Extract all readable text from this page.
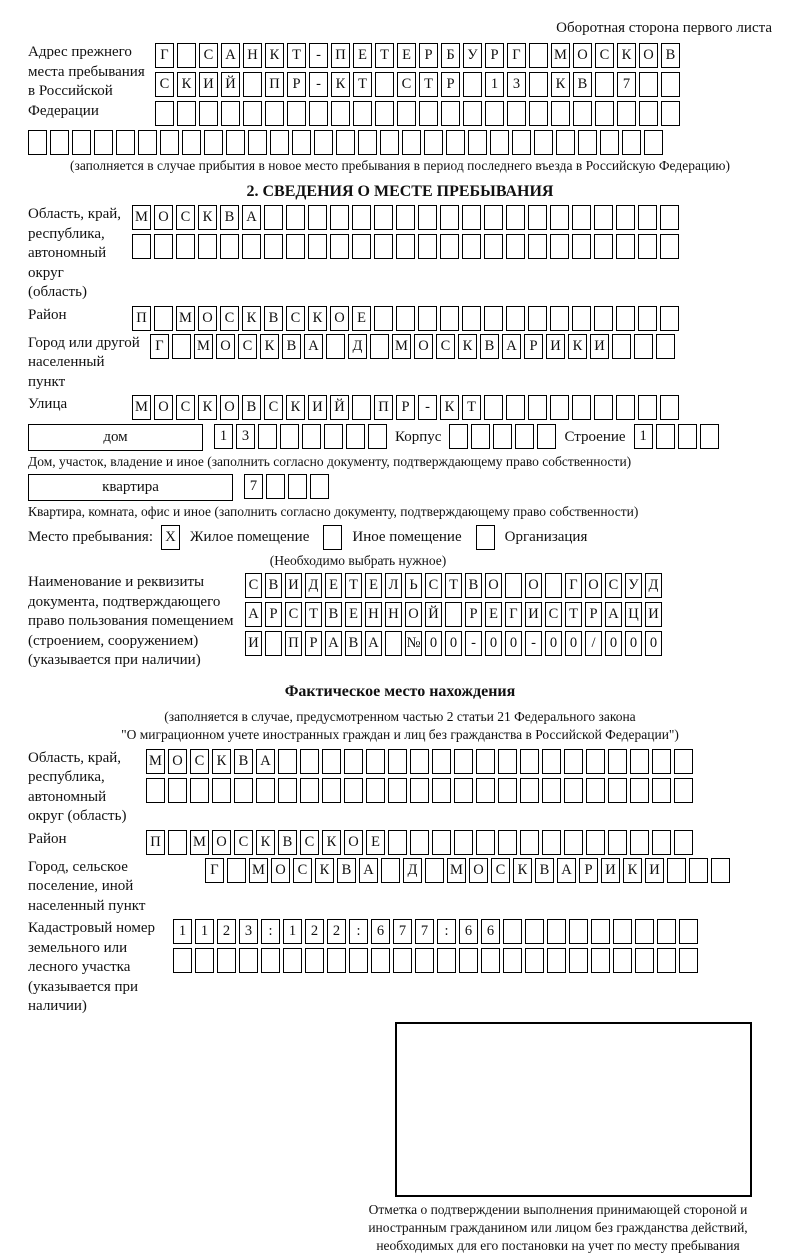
Оборотная сторона первого листа
Адрес прежнего места пребывания в Российской Федерации
Г	С А Н К Т	- П Е Т Е Р Б У Р Г	М О С К О В
С К И Й П Р	-	К Т	С Т Р	1	3	К В	7
(заполняется в случае прибытия в новое место пребывания в период последнего въезда в Российскую Федерацию)
2. СВЕДЕНИЯ О МЕСТЕ ПРЕБЫВАНИЯ
Область, край, республика, автономный округ (область)
М О С К В А
Район	П М О С К В С К О Е
Город или другой населенный пункт
Г	М О С К В А	Д	М О С К В А Р И К И
Улица	М О С К О В С К И Й П Р	-	К Т
дом	1	3	Корпус	Строение 1
Дом, участок, владение и иное (заполнить согласно документу, подтверждающему право собственности)
квартира	7
Квартира, комната, офис и иное (заполнить согласно документу, подтверждающему право собственности)
Место пребывания: Х Жилое помещение	Иное помещение	Организация
(Необходимо выбрать нужное)
Наименование и реквизиты документа, подтверждающего право пользования помещением (строением, сооружением) (указывается при наличии)
С В И Д Е Т Е Л Ь С Т В О О Г О С У Д
А Р С Т В Е Н Н О Й	Р Е Г И С Т Р А Ц И
И П Р А В А № 0 0 - 0 0 - 0 0 / 0 0 0
Фактическое место нахождения
(заполняется в случае, предусмотренном частью 2 статьи 21 Федерального закона
"О миграционном учете иностранных граждан и лиц без гражданства в Российской Федерации")
Область, край, республика, автономный округ (область)
М О С К В А
Район	П М О С К В С К О Е
Город, сельское поселение, иной населенный пункт
Г	М О С К В А	Д	М О С К В А Р И К И
Кадастровый номер земельного или лесного участка (указывается при наличии)
1	1	2	3	:	1	2	2	:	6	7	7	:	6	6
Отметка о подтверждении выполнения принимающей стороной и иностранным гражданином или лицом без гражданства действий, необходимых для его постановки на учет по месту пребывания
